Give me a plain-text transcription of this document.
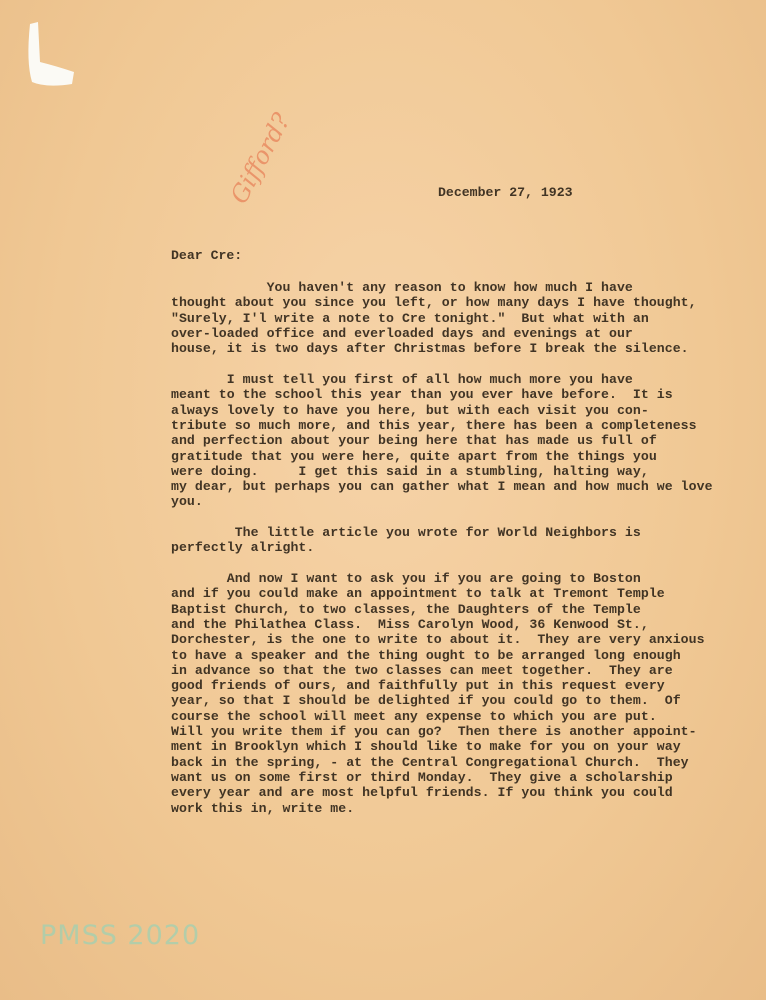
Gifford?	December 27, 1923
Dear Cre:
You haven't any reason to know how much I have
thought about you since you left, or how many days I have thought,
"Surely, I'l write a note to Cre tonight."  But what with an
over-loaded office and everloaded days and evenings at our
house, it is two days after Christmas before I break the silence.
I must tell you first of all how much more you have
meant to the school this year than you ever have before.  It is
always lovely to have you here, but with each visit you con-
tribute so much more, and this year, there has been a completeness
and perfection about your being here that has made us full of
gratitude that you were here, quite apart from the things you
were doing.     I get this said in a stumbling, halting way,
my dear, but perhaps you can gather what I mean and how much we love
you.
The little article you wrote for World Neighbors is
perfectly alright.
And now I want to ask you if you are going to Boston
and if you could make an appointment to talk at Tremont Temple
Baptist Church, to two classes, the Daughters of the Temple
and the Philathea Class.  Miss Carolyn Wood, 36 Kenwood St.,
Dorchester, is the one to write to about it.  They are very anxious
to have a speaker and the thing ought to be arranged long enough
in advance so that the two classes can meet together.  They are
good friends of ours, and faithfully put in this request every
year, so that I should be delighted if you could go to them.  Of
course the school will meet any expense to which you are put.
Will you write them if you can go?  Then there is another appoint-
ment in Brooklyn which I should like to make for you on your way
back in the spring, - at the Central Congregational Church.  They
want us on some first or third Monday.  They give a scholarship
every year and are most helpful friends. If you think you could
work this in, write me.
PMSS 2020
